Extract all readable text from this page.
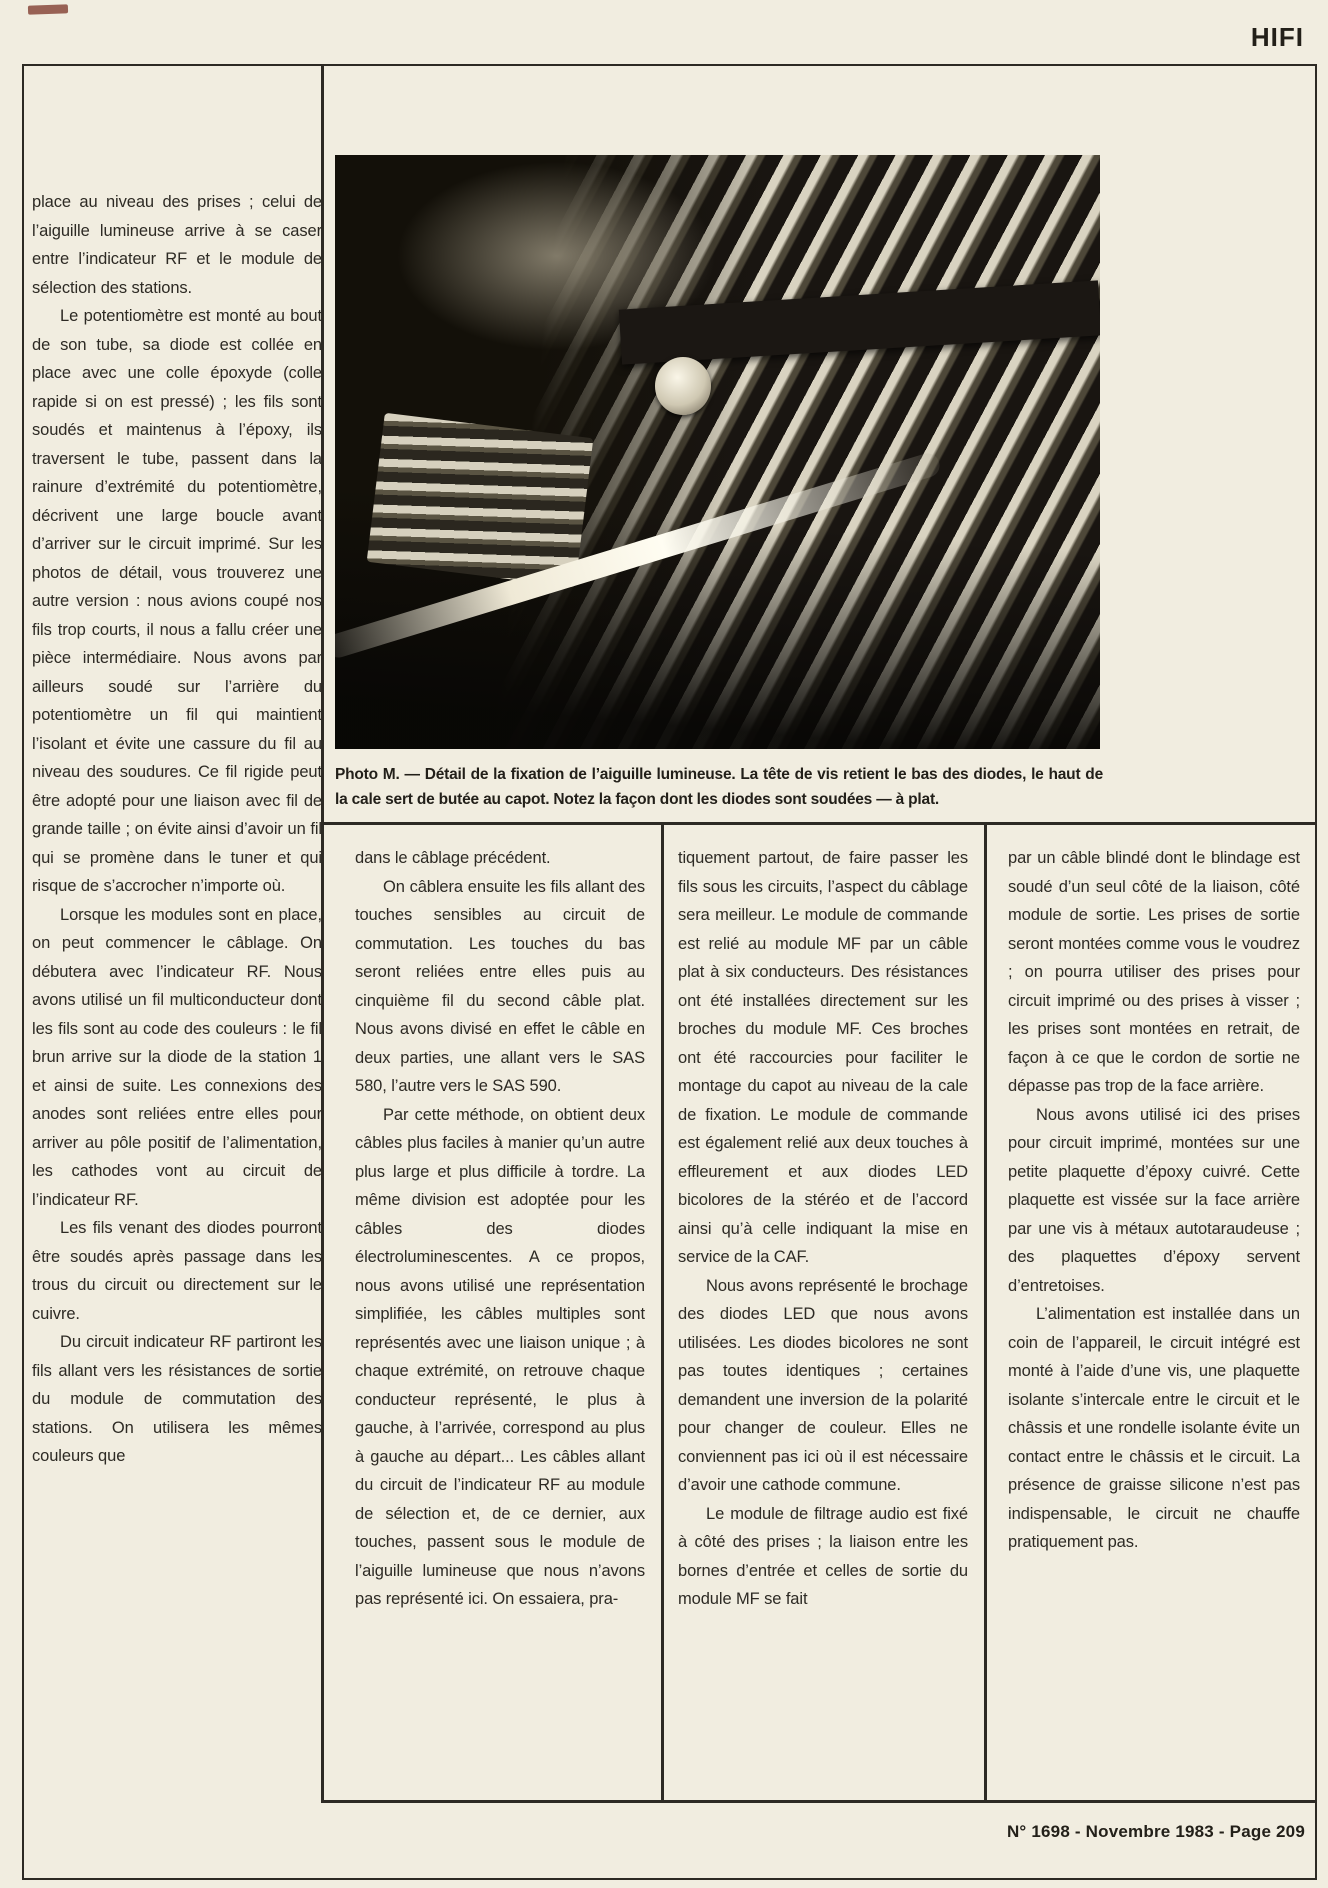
HIFI

place au niveau des prises ; celui de l’aiguille lumineuse arrive à se caser entre l’indicateur RF et le module de sélection des stations.

Le potentiomètre est monté au bout de son tube, sa diode est collée en place avec une colle époxyde (colle rapide si on est pressé) ; les fils sont soudés et maintenus à l’époxy, ils traversent le tube, passent dans la rainure d’extrémité du potentiomètre, décrivent une large boucle avant d’arriver sur le circuit imprimé. Sur les photos de détail, vous trouverez une autre version : nous avions coupé nos fils trop courts, il nous a fallu créer une pièce intermédiaire. Nous avons par ailleurs soudé sur l’arrière du potentiomètre un fil qui maintient l’isolant et évite une cassure du fil au niveau des soudures. Ce fil rigide peut être adopté pour une liaison avec fil de grande taille ; on évite ainsi d’avoir un fil qui se promène dans le tuner et qui risque de s’accrocher n’importe où.

Lorsque les modules sont en place, on peut commencer le câblage. On débutera avec l’indicateur RF. Nous avons utilisé un fil multiconducteur dont les fils sont au code des couleurs : le fil brun arrive sur la diode de la station 1 et ainsi de suite. Les connexions des anodes sont reliées entre elles pour arriver au pôle positif de l’alimentation, les cathodes vont au circuit de l’indicateur RF.

Les fils venant des diodes pourront être soudés après passage dans les trous du circuit ou directement sur le cuivre.

Du circuit indicateur RF partiront les fils allant vers les résistances de sortie du module de commutation des stations. On utilisera les mêmes couleurs que

Photo M. — Détail de la fixation de l’aiguille lumineuse. La tête de vis retient le bas des diodes, le haut de la cale sert de butée au capot. Notez la façon dont les diodes sont soudées — à plat.

dans le câblage précédent.

On câblera ensuite les fils allant des touches sensibles au circuit de commutation. Les touches du bas seront reliées entre elles puis au cinquième fil du second câble plat. Nous avons divisé en effet le câble en deux parties, une allant vers le SAS 580, l’autre vers le SAS 590.

Par cette méthode, on obtient deux câbles plus faciles à manier qu’un autre plus large et plus difficile à tordre. La même division est adoptée pour les câbles des diodes électroluminescentes. A ce propos, nous avons utilisé une représentation simplifiée, les câbles multiples sont représentés avec une liaison unique ; à chaque extrémité, on retrouve chaque conducteur représenté, le plus à gauche, à l’arrivée, correspond au plus à gauche au départ... Les câbles allant du circuit de l’indicateur RF au module de sélection et, de ce dernier, aux touches, passent sous le module de l’aiguille lumineuse que nous n’avons pas représenté ici. On essaiera, pra-

tiquement partout, de faire passer les fils sous les circuits, l’aspect du câblage sera meilleur. Le module de commande est relié au module MF par un câble plat à six conducteurs. Des résistances ont été installées directement sur les broches du module MF. Ces broches ont été raccourcies pour faciliter le montage du capot au niveau de la cale de fixation. Le module de commande est également relié aux deux touches à effleurement et aux diodes LED bicolores de la stéréo et de l’accord ainsi qu’à celle indiquant la mise en service de la CAF.

Nous avons représenté le brochage des diodes LED que nous avons utilisées. Les diodes bicolores ne sont pas toutes identiques ; certaines demandent une inversion de la polarité pour changer de couleur. Elles ne conviennent pas ici où il est nécessaire d’avoir une cathode commune.

Le module de filtrage audio est fixé à côté des prises ; la liaison entre les bornes d’entrée et celles de sortie du module MF se fait

par un câble blindé dont le blindage est soudé d’un seul côté de la liaison, côté module de sortie. Les prises de sortie seront montées comme vous le voudrez ; on pourra utiliser des prises pour circuit imprimé ou des prises à visser ; les prises sont montées en retrait, de façon à ce que le cordon de sortie ne dépasse pas trop de la face arrière.

Nous avons utilisé ici des prises pour circuit imprimé, montées sur une petite plaquette d’époxy cuivré. Cette plaquette est vissée sur la face arrière par une vis à métaux autotaraudeuse ; des plaquettes d’époxy servent d’entretoises.

L’alimentation est installée dans un coin de l’appareil, le circuit intégré est monté à l’aide d’une vis, une plaquette isolante s’intercale entre le circuit et le châssis et une rondelle isolante évite un contact entre le châssis et le circuit. La présence de graisse silicone n’est pas indispensable, le circuit ne chauffe pratiquement pas.

N° 1698 - Novembre 1983 - Page 209
